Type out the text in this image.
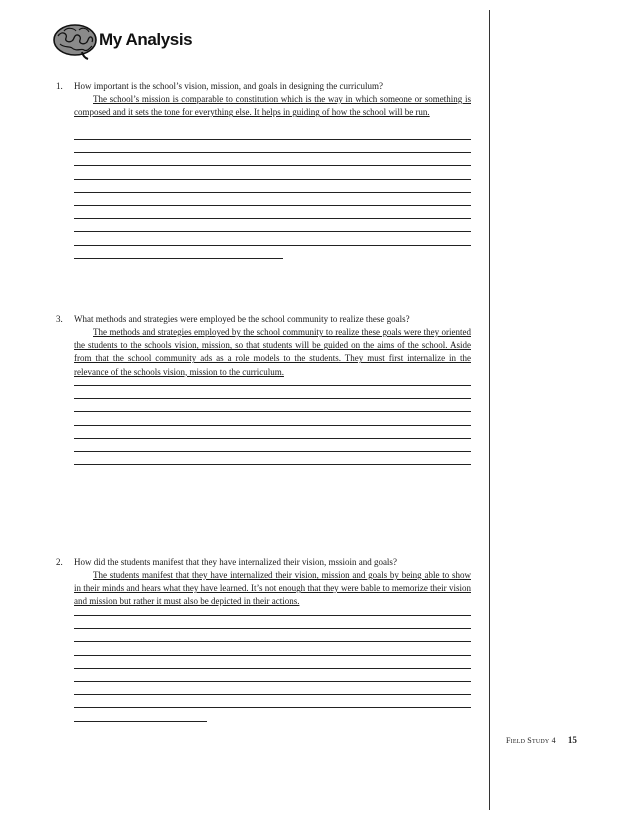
My Analysis
1. How important is the school’s vision, mission, and goals in designing the curriculum?
The school’s mission is comparable to constitution which is the way in which someone or something is composed and it sets the tone for everything else. It helps in guiding of how the school will be run.
3. What methods and strategies were employed be the school community to realize these goals?
The methods and strategies employed by the school community to realize these goals were they oriented the students to the schools vision, mission, so that students will be guided on the aims of the school. Aside from that the school community ads as a role models to the students. They must first internalize in the relevance of the schools vision, mission to the curriculum.
2. How did the students manifest that they have internalized their vision, mssioin and goals?
The students manifest that they have internalized their vision, mission and goals by being able to show in their minds and hears what they have learned. It’s not enough that they were bable to memorize their vision and mission but rather it must also be depicted in their actions.
Field Study 4 15
